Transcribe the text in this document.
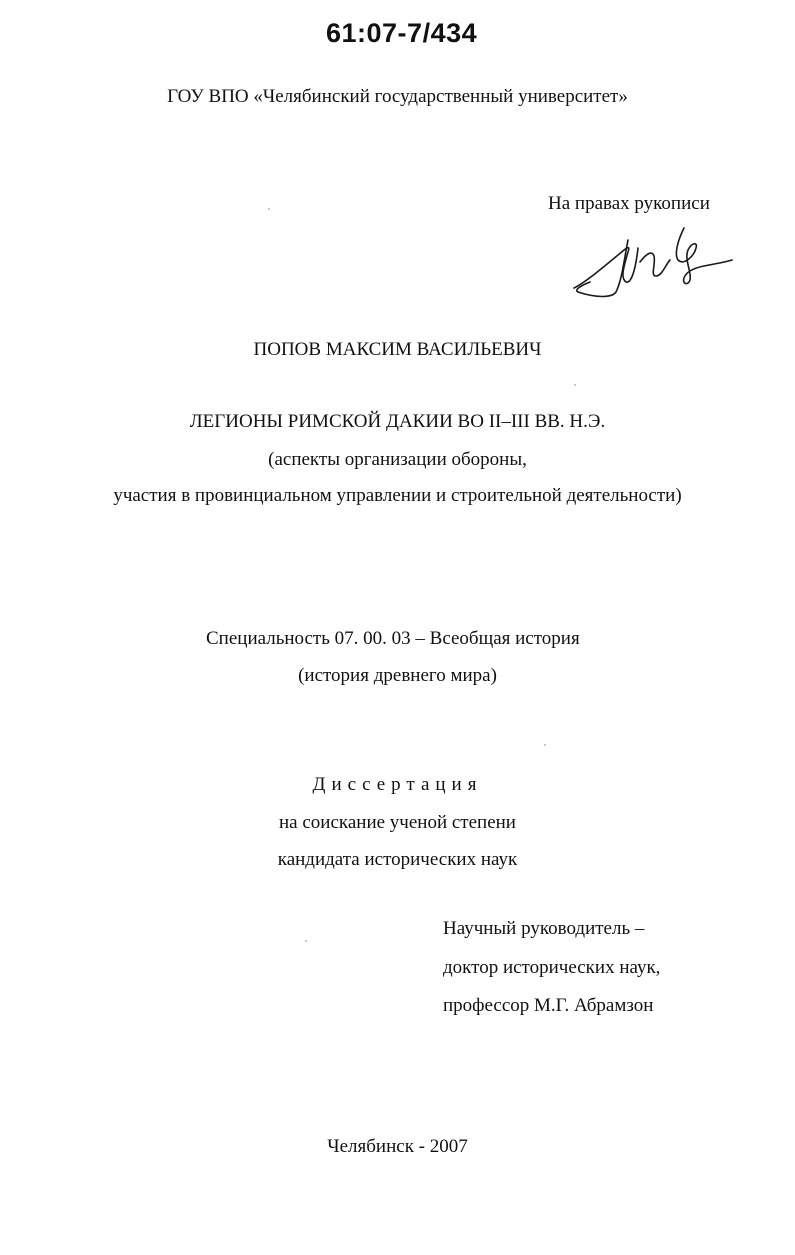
61:07-7/434
ГОУ ВПО «Челябинский государственный университет»
На правах рукописи
ПОПОВ МАКСИМ ВАСИЛЬЕВИЧ
ЛЕГИОНЫ РИМСКОЙ ДАКИИ ВО II–III ВВ. Н.Э.
(аспекты организации обороны,
участия в провинциальном управлении и строительной деятельности)
Специальность 07. 00. 03 – Всеобщая история
(история древнего мира)
Диссертация
на соискание ученой степени
кандидата исторических наук
Научный руководитель –
доктор исторических наук,
профессор М.Г. Абрамзон
Челябинск - 2007
